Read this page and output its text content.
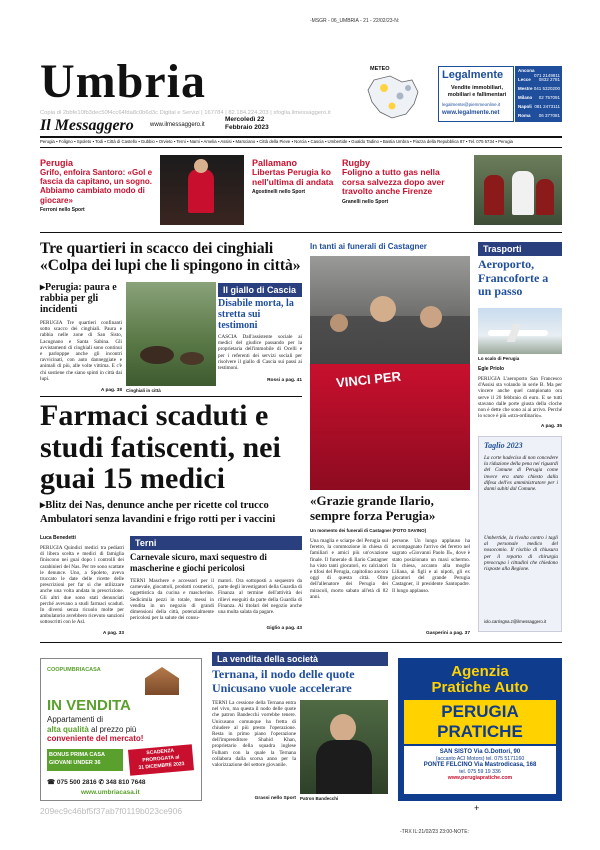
-MSGR - 06_UMBRIA - 21 - 22/02/23-N:
Umbria
Il Messaggero	www.ilmessaggero.it
Mercoledì 22
Febbraio 2023
Copia di 2bbfe10fb3dec50f4cc64fda8c0b6d3c Digital e Servizi | 167784 | 82.184.224.203 | sfoglia.ilmessaggero.it
METEO	Legalmente
Vendite immobiliari,
mobiliari e fallimentari
legalmente@piemmeonline.it
www.legalmente.net
Ancona
071 2149811
Lecce 0832 2781
Mestre 041 5320200
Milano 02 757091
Napoli 081 2473111
Roma 06 377081
Perugia ▪ Foligno ▪ Spoleto ▪ Todi ▪ Città di Castello ▪ Gubbio ▪ Orvieto ▪ Terni ▪ Narni ▪ Amelia ▪ Assisi ▪ Marsciano ▪ Città della Pieve ▪ Norcia ▪ Cascia ▪ Umbertide ▪ Gualdo Tadino ▪ Bastia Umbra ▪ Piazza della Repubblica 87 ▪ Tel. 075 5734 ▪ Perugia
Perugia
Grifo, enfoira Santoro: «Gol e fascia da capitano, un sogno. Abbiamo cambiato modo di giocare»
Ferroni nello Sport
Pallamano
Libertas Perugia ko nell'ultima di andata
Agostinelli nello Sport
Rugby
Foligno a tutto gas nella corsa salvezza dopo aver travolto anche Firenze
Granelli nello Sport
Tre quartieri in scacco dei cinghiali «Colpa dei lupi che li spingono in città»
▸Perugia: paura e rabbia per gli incidenti
PERUGIA Tre quartieri confinanti sotto scacco dei cinghiali. Paura e rabbia nelle zone di San Sisto, Lacugnano e Santa Sabina. Gli avvistamenti di cinghiali sono continui e parlopppe anche gli incontri ravvicinati, con auto danneggiate e animali di più, alle volte vittima. E c'è chi sostiene che siano spinti in città dai lupi.
A pag. 38 Cinghiali in città
Il giallo di Cascia
Disabile morta, la stretta sui testimoni
CASCIA Dall'assistente sociale ai medici del giudice passando per la proprietaria dell'immobile di Ocelli e per i referenti dei servizi sociali per risolvere il giallo di Cascia sui passi ai testimoni.
Rossi a pag. 41
In tanti ai funerali di Castagner
VINCI PER
«Grazie grande Ilario, sempre forza Perugia»
Un momento dei funerali di Castagner (FOTO SAVINO)
Trasporti
Aeroporto, Francoforte a un passo
Lo scalo di Perugia
Egle Priolo
PERUGIA L'aeroporto San Francesco d'Assisi sta volando in serie B. Ma per vincere anche quel campionato ora serve il 20 febbraio di euro. E se tutti stavano dalle porte giusta della cloche non è dette che sono ai ai arrivo. Perché lo scoce è più «stra-ordinario».
A pag. 35
Taglio 2023
La corte hadeciso di non concedere la riduzione della pena nei riguardi del Comune di Perugia come invece era stato chiesto dalla difesa dell'ex amministratore per i danni subiti dal Comune.
Umbertide, la rivolta contro i tagli al personale medico del nosocomio. Il rischio di chiusura per il reparto di chirurgia preoccupa i cittadini che chiedono risposte alla Regione.
iolo.carrisgna.z@ilmessaggero.it
Farmaci scaduti e studi fatiscenti, nei guai 15 medici
▸Blitz dei Nas, denunce anche per ricette col trucco
Ambulatori senza lavandini e frigo rotti per i vaccini
Luca Benedetti
PERUGIA Quindici medici tra pediatri di libera scelta e medici di famiglia finiscono nei guai dopo i controlli dei carabinieri del Nas. Per tre sono scattate le denunce. Uno, a Spoleto, aveva truccato le date delle ricette delle prescrizioni per far sì che utilizzare anche una volta andata in prescrizione. Gli altri due sono stati denunciati perché avevano a studi farmaci scaduti. In diversi senza ricuolo molte per ambulatorio avrebbero ricevuto sanzioni sottoscritti con le Asl.
A pag. 33
Terni
Carnevale sicuro, maxi sequestro di mascherine e giochi pericolosi
TERNI Maschere e accessori per il carnevale, giocattoli, prodotti cosmetici, oggettistica da cucina e mascherine. Sedicimila pezzi in totale, messi in vendita in un negozio di grandi dimensioni della città, potenzialmente pericolosi per la salute dei consu-
matori. Ora sottoposti a sequestro da parte degli investigatori della Guardia di Finanza al termine dell'attività dei rilievi eseguiti da parte della Guardia di Finanza. Ai titolari del negozio anche una multa salata da pagare.
Giglio a pag. 43
Una maglia e sciarpe del Perugia sul feretro, la commozione in chiesa di familiari e amici più un'ovazione finale. Il funerale di Ilario Castagner ha visto tanti giocatori, ex calciatori e tifosi del Perugia, capitolino ancora oggi di questa città. Oltre dell'allenatore dei Perugia dei miracoli, morto sabato all'età di 82 anni.
persone. Un lungo applauso ha accompagnato l'arrivo del feretro nel sagrato «Giovanni Paolo II», dove è stato posizionato un maxi schermo. In chiesa, accanto alla moglie Liliana, ai figli e ai nipoti, gli ex giocatori del grande Perugia Castagner, il presidente Santopadre. Il lungo applauso.
Gasperini a pag. 37
COOPUMBRIACASA
IN VENDITA
Appartamenti di
alta qualità al prezzo più
conveniente del mercato!
BONUS PRIMA CASA
GIOVANI UNDER 36
SCADENZA
PROROGATA al
31 DICEMBRE 2023
☎ 075 500 2816 ✆ 348 810 7648
www.umbriacasa.it
La vendita della società
Ternana, il nodo delle quote Unicusano vuole accelerare
TERNI La cessione della Ternana entra nel vivo, ma questa il nodo delle quote che patron Bandecchi vorrebbe tenere. Unicusano comunque ha fretta di chiudere al più presto l'operazione. Resta in primo piano l'operazione dell'imprenditore Shahid Khan, proprietario della squadra inglese Fulham con la quale la Ternana collabora dalla scorsa anno per la valorizzazione del settore giovanile.
Grassi nello Sport Patron Bandecchi
Agenzia
Pratiche Auto
PERUGIA
PRATICHE
SAN SISTO Via G.Dottori, 90
(accanto ACI Motors) tel. 075 5171160
PONTE FELCINO Via Mastrodicasa, 168
tel. 075 59 19 336
www.perugiapratiche.com
209ec9c46bf5f37ab7f0119b023ce906	+
-TRX IL:21/02/23 23:00-NOTE:
